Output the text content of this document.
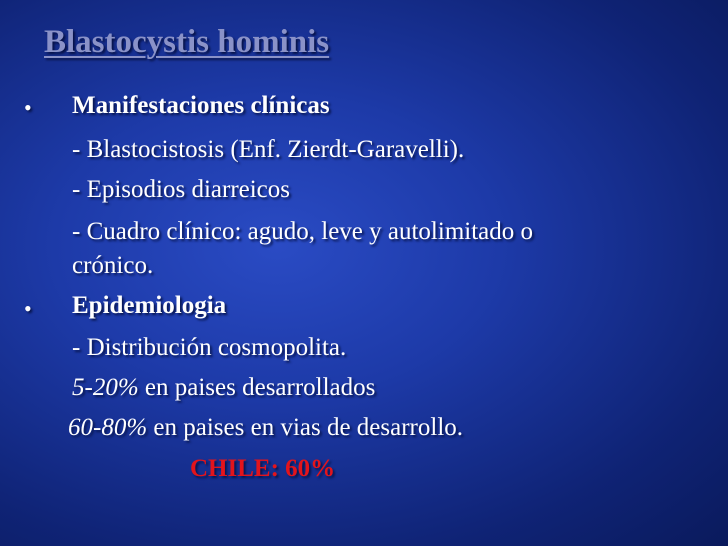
Blastocystis hominis
• Manifestaciones clínicas
- Blastocistosis (Enf. Zierdt-Garavelli).
- Episodios diarreicos
- Cuadro clínico: agudo, leve y autolimitado o
crónico.
• Epidemiologia
- Distribución cosmopolita.
5-20% en paises desarrollados
60-80% en paises en vias de desarrollo.
CHILE: 60%
